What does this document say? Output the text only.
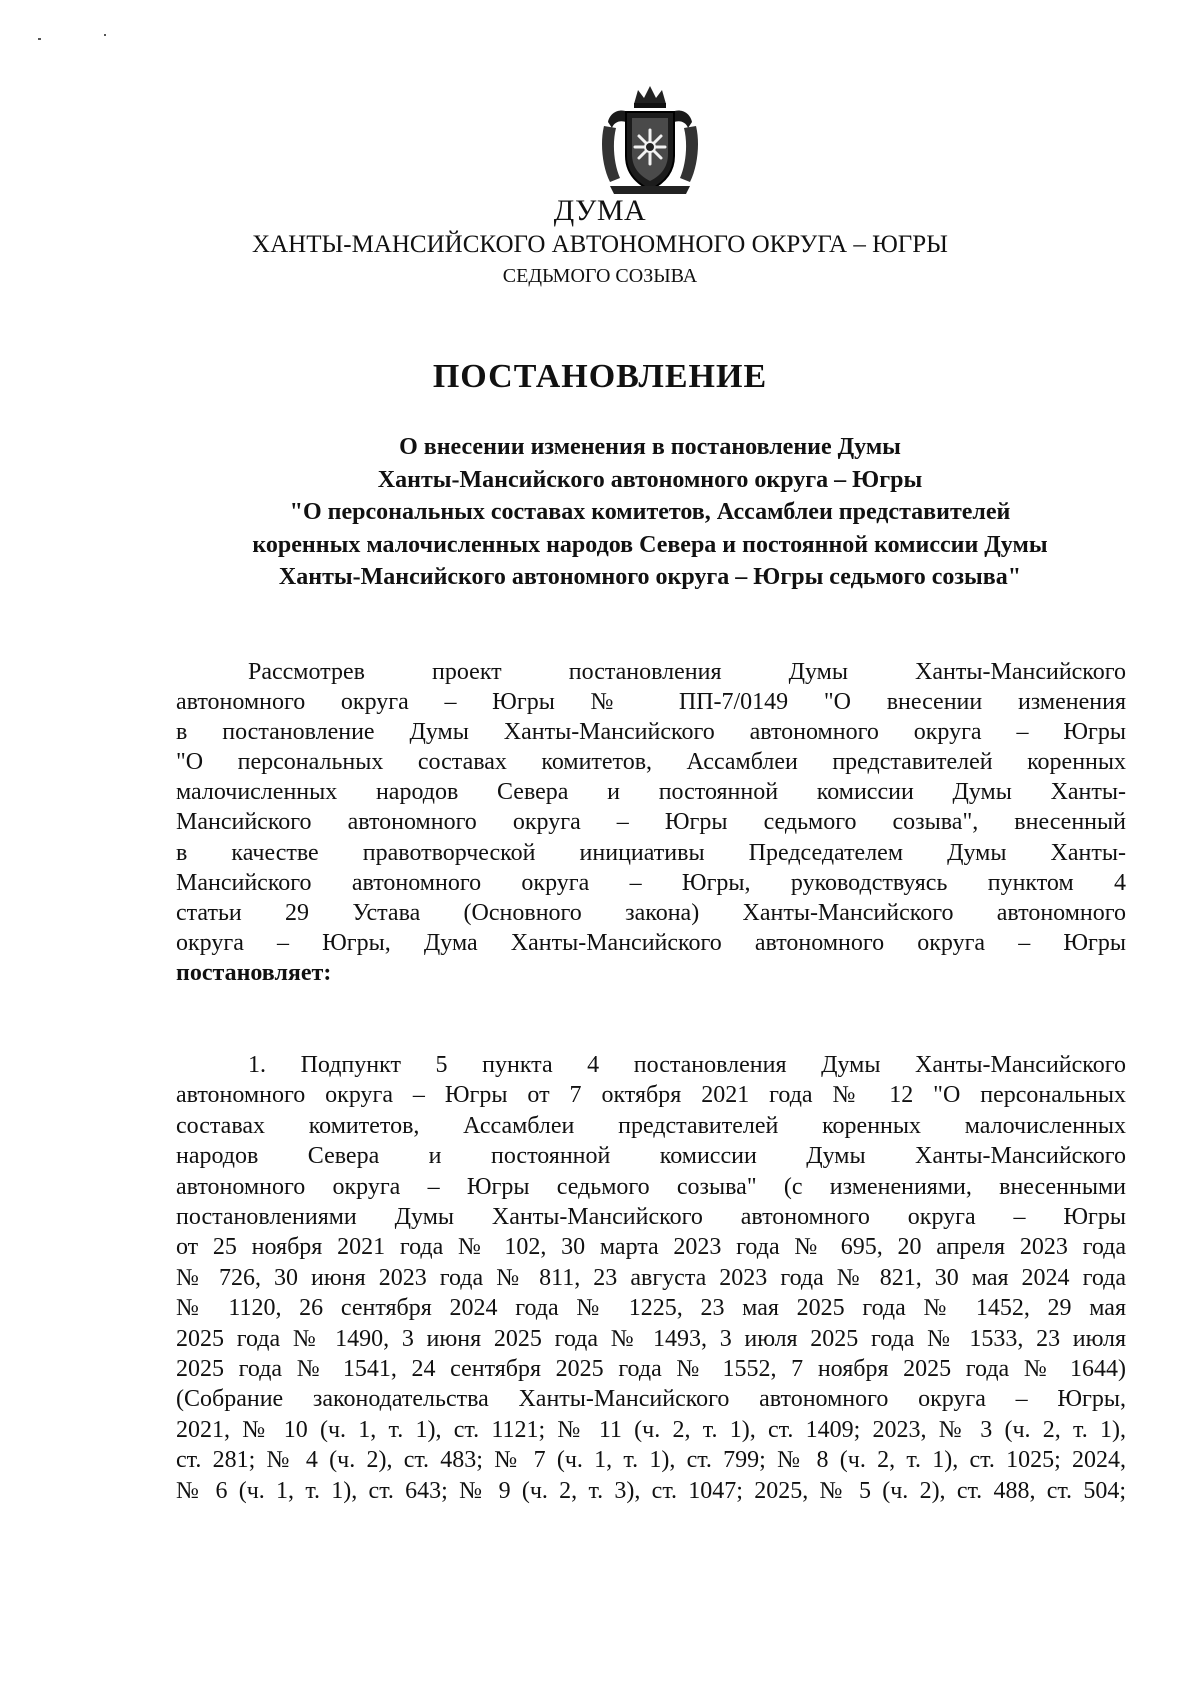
ДУМА
ХАНТЫ-МАНСИЙСКОГО АВТОНОМНОГО ОКРУГА – ЮГРЫ
СЕДЬМОГО СОЗЫВА
ПОСТАНОВЛЕНИЕ
О внесении изменения в постановление Думы
Ханты-Мансийского автономного округа – Югры
"О персональных составах комитетов, Ассамблеи представителей
коренных малочисленных народов Севера и постоянной комиссии Думы
Ханты-Мансийского автономного округа – Югры седьмого созыва"
Рассмотрев проект постановления Думы Ханты-Мансийского
автономного округа – Югры № ПП-7/0149 "О внесении изменения
в постановление Думы Ханты-Мансийского автономного округа – Югры
"О персональных составах комитетов, Ассамблеи представителей коренных
малочисленных народов Севера и постоянной комиссии Думы Ханты-
Мансийского автономного округа – Югры седьмого созыва", внесенный
в качестве правотворческой инициативы Председателем Думы Ханты-
Мансийского автономного округа – Югры, руководствуясь пунктом 4
статьи 29 Устава (Основного закона) Ханты-Мансийского автономного
округа – Югры, Дума Ханты-Мансийского автономного округа – Югры
постановляет:
1. Подпункт 5 пункта 4 постановления Думы Ханты-Мансийского
автономного округа – Югры от 7 октября 2021 года № 12 "О персональных
составах комитетов, Ассамблеи представителей коренных малочисленных
народов Севера и постоянной комиссии Думы Ханты-Мансийского
автономного округа – Югры седьмого созыва" (с изменениями, внесенными
постановлениями Думы Ханты-Мансийского автономного округа – Югры
от 25 ноября 2021 года № 102, 30 марта 2023 года № 695, 20 апреля 2023 года
№ 726, 30 июня 2023 года № 811, 23 августа 2023 года № 821, 30 мая 2024 года
№ 1120, 26 сентября 2024 года № 1225, 23 мая 2025 года № 1452, 29 мая
2025 года № 1490, 3 июня 2025 года № 1493, 3 июля 2025 года № 1533, 23 июля
2025 года № 1541, 24 сентября 2025 года № 1552, 7 ноября 2025 года № 1644)
(Собрание законодательства Ханты-Мансийского автономного округа – Югры,
2021, № 10 (ч. 1, т. 1), ст. 1121; № 11 (ч. 2, т. 1), ст. 1409; 2023, № 3 (ч. 2, т. 1),
ст. 281; № 4 (ч. 2), ст. 483; № 7 (ч. 1, т. 1), ст. 799; № 8 (ч. 2, т. 1), ст. 1025; 2024,
№ 6 (ч. 1, т. 1), ст. 643; № 9 (ч. 2, т. 3), ст. 1047; 2025, № 5 (ч. 2), ст. 488, ст. 504;
